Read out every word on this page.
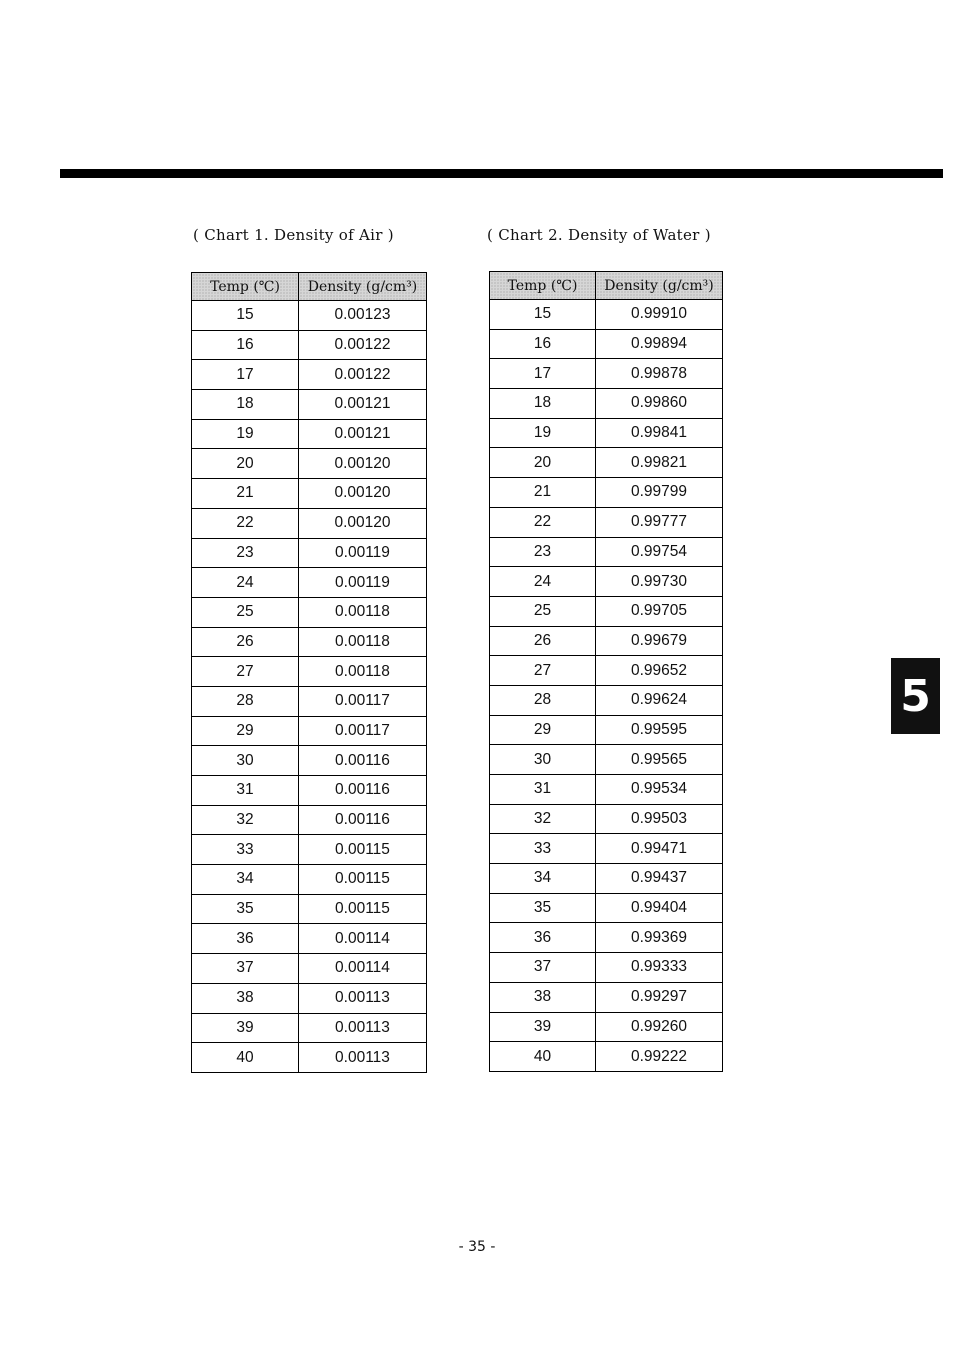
( Chart 1. Density of Air )	( Chart 2. Density of Water )
Temp (℃)	Density (g/cm³)
15	0.00123
16	0.00122
17	0.00122
18	0.00121
19	0.00121
20	0.00120
21	0.00120
22	0.00120
23	0.00119
24	0.00119
25	0.00118
26	0.00118
27	0.00118
28	0.00117
29	0.00117
30	0.00116
31	0.00116
32	0.00116
33	0.00115
34	0.00115
35	0.00115
36	0.00114
37	0.00114
38	0.00113
39	0.00113
40	0.00113
Temp (℃)	Density (g/cm³)
15	0.99910
16	0.99894
17	0.99878
18	0.99860
19	0.99841
20	0.99821
21	0.99799
22	0.99777
23	0.99754
24	0.99730
25	0.99705
26	0.99679
27	0.99652
28	0.99624
29	0.99595
30	0.99565
31	0.99534
32	0.99503
33	0.99471
34	0.99437
35	0.99404
36	0.99369
37	0.99333
38	0.99297
39	0.99260
40	0.99222
5
- 35 -
